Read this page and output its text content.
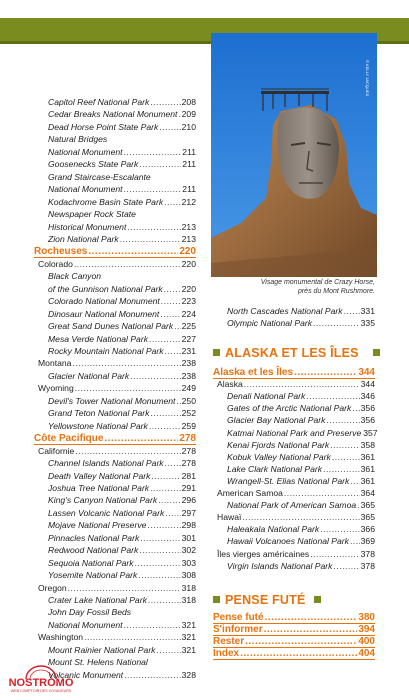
Capitol Reef National Park .....	208
Cedar Breaks National Monument ..... 209
Dead Horse Point State Park .....	210
Natural Bridges
National Monument .....	211
Goosenecks State Park .....	211
Grand Staircase-Escalante
National Monument .....	211
Kodachrome Basin State Park ..... 212
Newspaper Rock State
Historical Monument .....	213
Zion National Park .....	213
Rocheuses .....	220
Colorado .....	220
Black Canyon
of the Gunnison National Park ..... 220
Colorado National Monument .....	223
Dinosaur National Monument .....	224
Great Sand Dunes National Park ..... 225
Mesa Verde National Park .....	227
Rocky Mountain National Park ..... 231
Montana .....	238
Glacier National Park .....	238
Wyoming .....	249
Devil's Tower National Monument ..... 250
Grand Teton National Park .....	252
Yellowstone National Park .....	259
Côte Pacifique .....	278
Californie .....	278
Channel Islands National Park ..... 278
Death Valley National Park .....	281
Joshua Tree National Park .....	291
King's Canyon National Park .....	296
Lassen Volcanic National Park ..... 297
Mojave National Preserve .....	298
Pinnacles National Park .....	301
Redwood National Park .....	302
Sequoia National Park .....	303
Yosemite National Park .....	308
Oregon .....	318
Crater Lake National Park .....	318
John Day Fossil Beds
National Monument .....	321
Washington .....	321
Mount Rainier National Park .....	321
Mount St. Helens National
Volcanic Monument .....	328
© KELLY JACQUES
Visage monumental de Crazy Horse,
près du Mont Rushmore.
North Cascades National Park ..... 331
Olympic National Park .....	335
ALASKA ET LES ÎLES
Alaska et les Îles .....	344
Alaska .....	344
Denali National Park .....	346
Gates of the Arctic National Park ..... 356
Glacier Bay National Park .....	356
Katmai National Park and Preserve 357
Kenai Fjords National Park .....	358
Kobuk Valley National Park .....	361
Lake Clark National Park .....	361
Wrangell-St. Elias National Park ..... 361
American Samoa .....	364
National Park of American Samoa ..... 365
Hawaï .....	365
Haleakala National Park .....	366
Hawaii Volcanoes National Park ..... 369
Îles vierges américaines .....	378
Virgin Islands National Park .....	378
PENSE FUTÉ
Pense futé .....	380
S'informer .....	394
Rester .....	400
Index .....	404
NOSTROMO
WEB COMPTOIR DES VOYAGEURS
